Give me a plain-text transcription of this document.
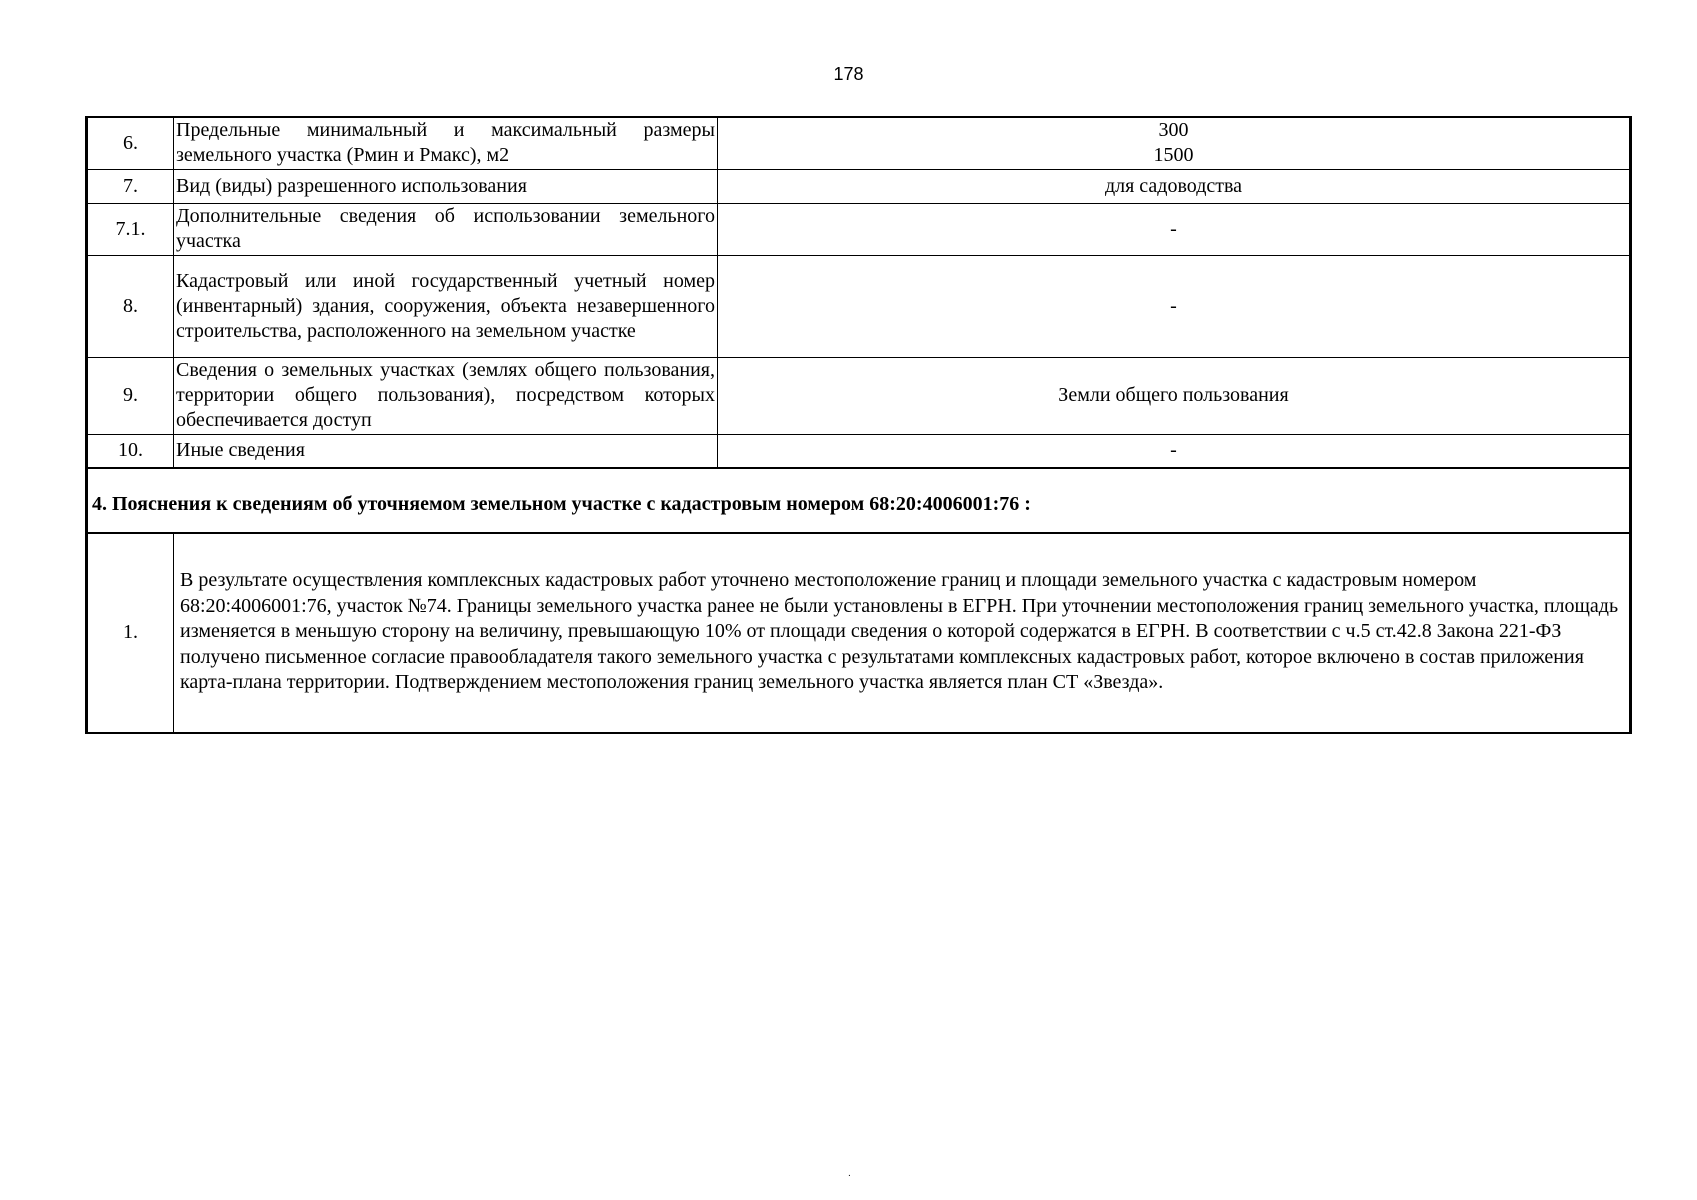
178
6.	Предельные минимальный и максимальный размеры земельного участка (Pмин и Рмакс), м2	300
1500

7.	Вид (виды) разрешенного использования	для садоводства
7.1.	Дополнительные сведения об использовании земельного участка	-
8.	Кадастровый или иной государственный учетный номер (инвентарный) здания, сооружения, объекта незавершенного строительства, расположенного на земельном участке	-
9.	Сведения о земельных участках (землях общего пользования, территории общего пользования), посредством которых обеспечивается доступ	Земли общего пользования
10.	Иные сведения	-
4. Пояснения к сведениям об уточняемом земельном участке с кадастровым номером 68:20:4006001:76 :		
1.	В результате осуществления комплексных кадастровых работ уточнено местоположение границ и площади земельного участка с кадастровым номером 68:20:4006001:76, участок №74. Границы земельного участка ранее не были установлены в ЕГРН. При уточнении местоположения границ земельного участка, площадь изменяется в меньшую сторону на величину, превышающую 10% от площади сведения о которой содержатся в ЕГРН. В соответствии с ч.5 ст.42.8 Закона 221-ФЗ получено письменное согласие правообладателя такого земельного участка с результатами комплексных кадастровых работ, которое включено в состав приложения карта-плана территории. Подтверждением местоположения границ земельного участка является план СТ «Звезда».	
.
